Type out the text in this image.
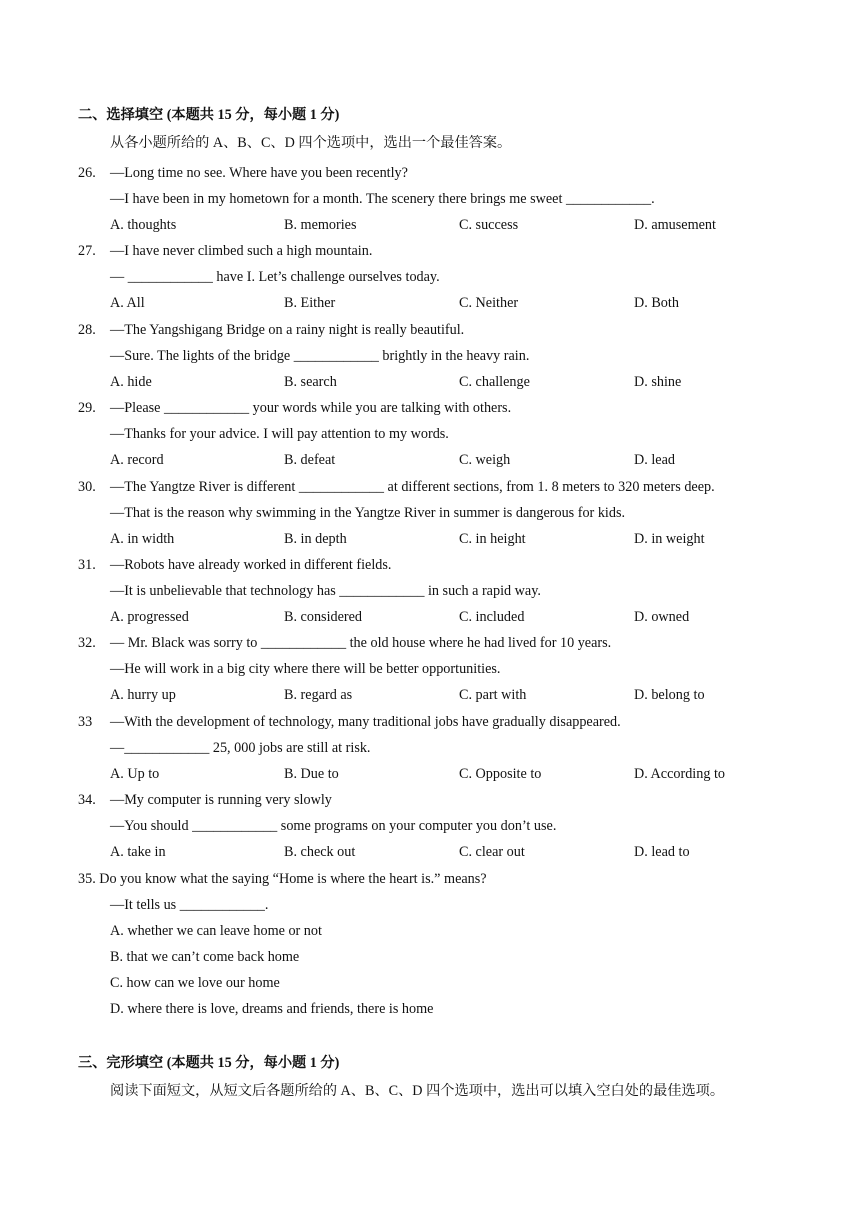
二、选择填空 (本题共 15 分，每小题 1 分)
从各小题所给的 A、B、C、D 四个选项中，选出一个最佳答案。
26. —Long time no see. Where have you been recently?
—I have been in my hometown for a month. The scenery there brings me sweet ____________.
A. thoughts	B. memories	C. success	D. amusement
27. —I have never climbed such a high mountain.
— ____________ have I. Let’s challenge ourselves today.
A. All	B. Either	C. Neither	D. Both
28. —The Yangshigang Bridge on a rainy night is really beautiful.
—Sure. The lights of the bridge ____________ brightly in the heavy rain.
A. hide	B. search	C. challenge	D. shine
29. —Please ____________ your words while you are talking with others.
—Thanks for your advice. I will pay attention to my words.
A. record	B. defeat	C. weigh	D. lead
30. —The Yangtze River is different ____________ at different sections, from 1. 8 meters to 320 meters deep.
—That is the reason why swimming in the Yangtze River in summer is dangerous for kids.
A. in width	B. in depth	C. in height	D. in weight
31. —Robots have already worked in different fields.
—It is unbelievable that technology has ____________ in such a rapid way.
A. progressed	B. considered	C. included	D. owned
32. — Mr. Black was sorry to ____________ the old house where he had lived for 10 years.
—He will work in a big city where there will be better opportunities.
A. hurry up	B. regard as	C. part with	D. belong to
33 —With the development of technology, many traditional jobs have gradually disappeared.
—____________ 25, 000 jobs are still at risk.
A. Up to	B. Due to	C. Opposite to	D. According to
34. —My computer is running very slowly
—You should ____________ some programs on your computer you don’t use.
A. take in	B. check out	C. clear out	D. lead to
35. Do you know what the saying “Home is where the heart is.” means?
—It tells us ____________.
A. whether we can leave home or not
B. that we can’t come back home
C. how can we love our home
D. where there is love, dreams and friends, there is home
三、完形填空 (本题共 15 分，每小题 1 分)
阅读下面短文，从短文后各题所给的 A、B、C、D 四个选项中，选出可以填入空白处的最佳选项。
